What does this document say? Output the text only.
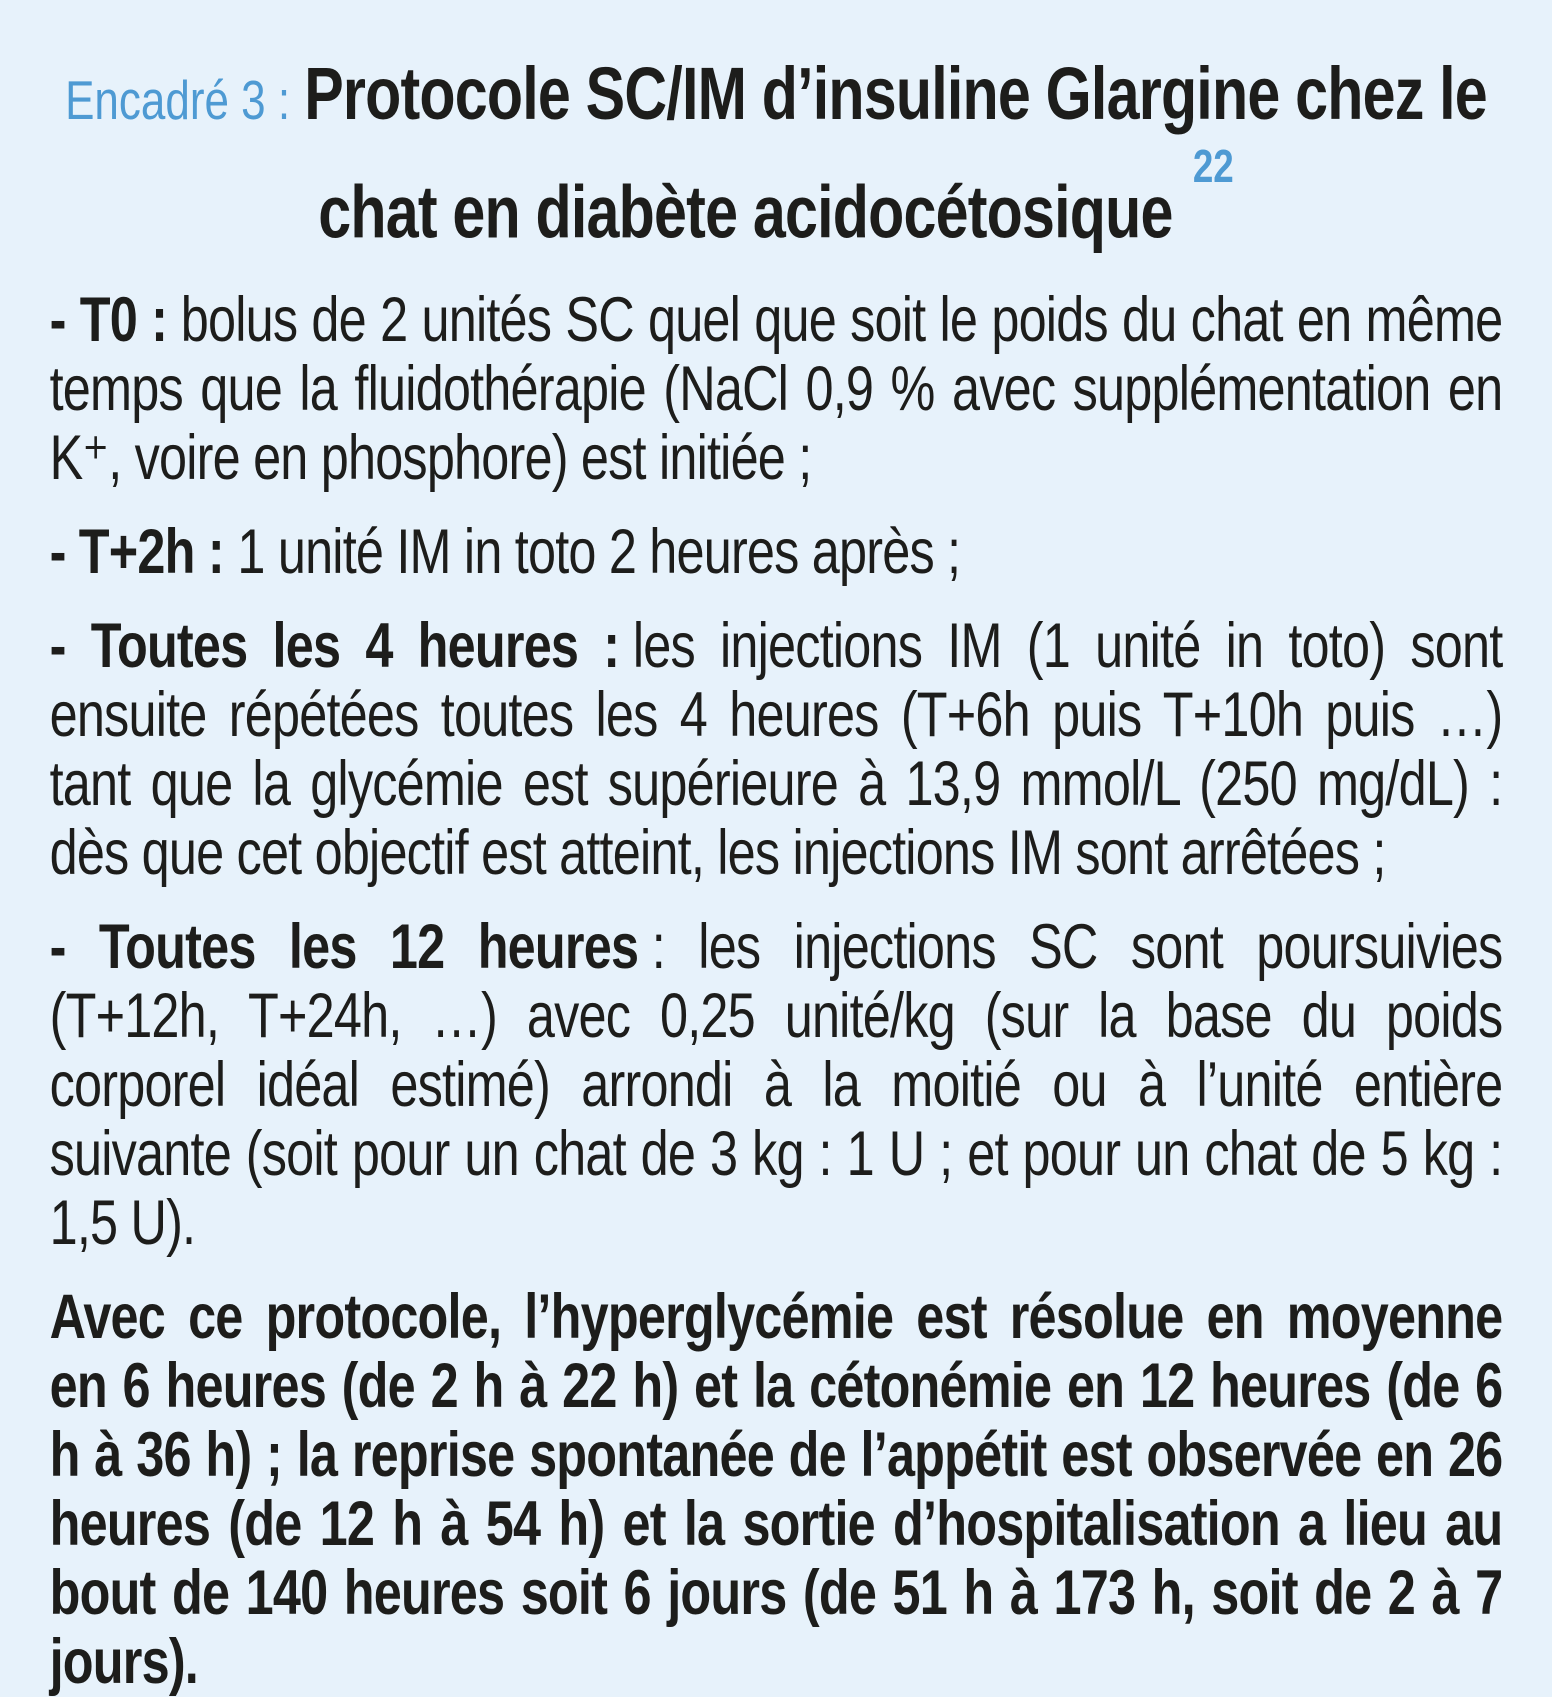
Encadré 3 : Protocole SC/IM d’insuline Glargine chez le
chat en diabète acidocétosique$^{22}$

- T0 : bolus de 2 unités SC quel que soit le poids du chat en même temps que la fluidothérapie (NaCl 0,9 % avec supplémentation en K⁺, voire en phosphore) est initiée ;

- T+2h : 1 unité IM in toto 2 heures après ;

- Toutes les 4 heures : les injections IM (1 unité in toto) sont ensuite répétées toutes les 4 heures (T+6h puis T+10h puis …) tant que la glycémie est supérieure à 13,9 mmol/L (250 mg/dL) : dès que cet objectif est atteint, les injections IM sont arrêtées ;

- Toutes les 12 heures : les injections SC sont poursuivies (T+12h, T+24h, …) avec 0,25 unité/kg (sur la base du poids corporel idéal estimé) arrondi à la moitié ou à l’unité entière suivante (soit pour un chat de 3 kg : 1 U ; et pour un chat de 5 kg : 1,5 U).

Avec ce protocole, l’hyperglycémie est résolue en moyenne en 6 heures (de 2 h à 22 h) et la cétonémie en 12 heures (de 6 h à 36 h) ; la reprise spontanée de l’appétit est observée en 26 heures (de 12 h à 54 h) et la sortie d’hospitalisation a lieu au bout de 140 heures soit 6 jours (de 51 h à 173 h, soit de 2 à 7 jours).
